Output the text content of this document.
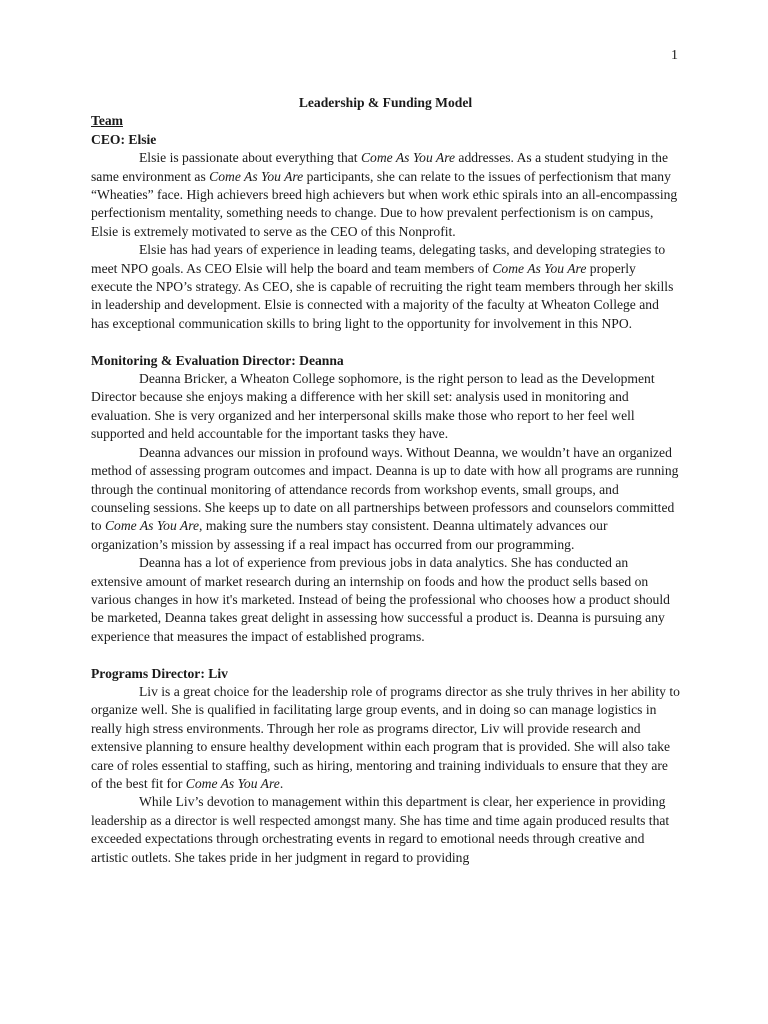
1
Leadership & Funding Model
Team
CEO: Elsie

Elsie is passionate about everything that Come As You Are addresses. As a student studying in the same environment as Come As You Are participants, she can relate to the issues of perfectionism that many “Wheaties” face. High achievers breed high achievers but when work ethic spirals into an all-encompassing perfectionism mentality, something needs to change. Due to how prevalent perfectionism is on campus, Elsie is extremely motivated to serve as the CEO of this Nonprofit.

Elsie has had years of experience in leading teams, delegating tasks, and developing strategies to meet NPO goals. As CEO Elsie will help the board and team members of Come As You Are properly execute the NPO’s strategy. As CEO, she is capable of recruiting the right team members through her skills in leadership and development. Elsie is connected with a majority of the faculty at Wheaton College and has exceptional communication skills to bring light to the opportunity for involvement in this NPO.

Monitoring & Evaluation Director: Deanna

Deanna Bricker, a Wheaton College sophomore, is the right person to lead as the Development Director because she enjoys making a difference with her skill set: analysis used in monitoring and evaluation. She is very organized and her interpersonal skills make those who report to her feel well supported and held accountable for the important tasks they have.

Deanna advances our mission in profound ways. Without Deanna, we wouldn’t have an organized method of assessing program outcomes and impact. Deanna is up to date with how all programs are running through the continual monitoring of attendance records from workshop events, small groups, and counseling sessions. She keeps up to date on all partnerships between professors and counselors committed to Come As You Are, making sure the numbers stay consistent. Deanna ultimately advances our organization’s mission by assessing if a real impact has occurred from our programming.

Deanna has a lot of experience from previous jobs in data analytics. She has conducted an extensive amount of market research during an internship on foods and how the product sells based on various changes in how it's marketed. Instead of being the professional who chooses how a product should be marketed, Deanna takes great delight in assessing how successful a product is. Deanna is pursuing any experience that measures the impact of established programs.

Programs Director: Liv

Liv is a great choice for the leadership role of programs director as she truly thrives in her ability to organize well. She is qualified in facilitating large group events, and in doing so can manage logistics in really high stress environments. Through her role as programs director, Liv will provide research and extensive planning to ensure healthy development within each program that is provided. She will also take care of roles essential to staffing, such as hiring, mentoring and training individuals to ensure that they are of the best fit for Come As You Are.

While Liv’s devotion to management within this department is clear, her experience in providing leadership as a director is well respected amongst many. She has time and time again produced results that exceeded expectations through orchestrating events in regard to emotional needs through creative and artistic outlets. She takes pride in her judgment in regard to providing
